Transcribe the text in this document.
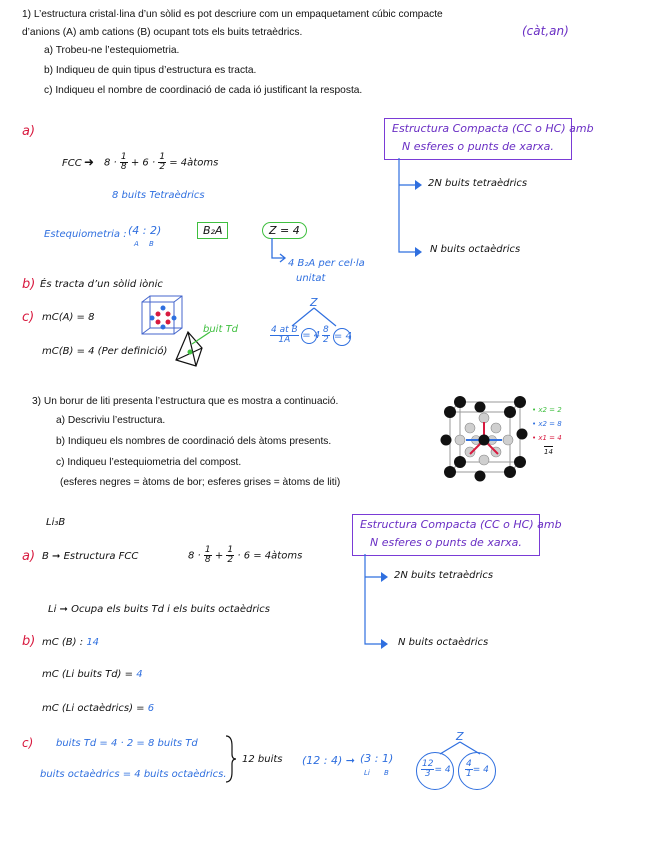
1) L’estructura cristal·lina d’un sòlid es pot descriure com un empaquetament cúbic compacte
d’anions (A) amb cations (B) ocupant tots els buits tetraèdrics.
a) Trobeu-ne l’estequiometria.
b) Indiqueu de quin tipus d’estructura es tracta.
c) Indiqueu el nombre de coordinació de cada ió justificant la resposta.
(càt,an)
a)
FCC ➜ $8 \cdot \frac{1}{8} + 6 \cdot \frac{1}{2}$ = 4àtoms
8 buits Tetraèdrics
Estequiometria : (4 : 2)
A B
B₂A	Z = 4
4 B₂A per cel·la
unitat
b) És tracta d’un sòlid iònic
c) mC(A) = 8
mC(B) = 4 (Per definició)
buit Td
Z
$\frac{\text{4 at B}}{1A} = 4 \frac{8}{2} = 4$
Estructura Compacta (CC o HC) amb
N esferes o punts de xarxa.
2N buits tetraèdrics
N buits octaèdrics
3) Un borur de liti presenta l’estructura que es mostra a continuació.
a) Descriviu l’estructura.
b) Indiqueu els nombres de coordinació dels àtoms presents.
c) Indiqueu l’estequiometria del compost.
(esferes negres = àtoms de bor; esferes grises = àtoms de liti)
• x2 = 2
• x2 = 8
• x1 = 4
14
Li₃B
a) B ➞ Estructura FCC	$8 \cdot \frac{1}{8} + \frac{1}{2} \cdot 6$ = 4àtoms
Li ➞ Ocupa els buits Td i els buits octaèdrics
b) mC (B) : 14
mC (Li buits Td) = 4
mC (Li octaèdrics) = 6
c) buits Td = 4 · 2 = 8 buits Td
buits octaèdrics = 4 buits octaèdrics.
12 buits (12 : 4) ➞ (3 : 1)
Li B
Z
$\frac{12}{3} = 4 \frac{4}{1} = 4$
Estructura Compacta (CC o HC) amb
N esferes o punts de xarxa.
2N buits tetraèdrics
N buits octaèdrics
